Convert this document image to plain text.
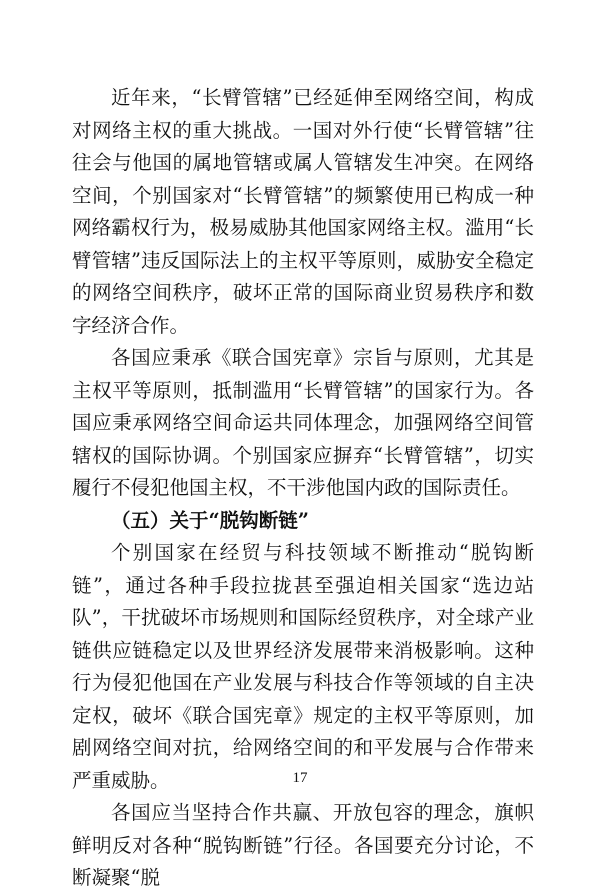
近年来，“长臂管辖”已经延伸至网络空间，构成对网络主权的重大挑战。一国对外行使“长臂管辖”往往会与他国的属地管辖或属人管辖发生冲突。在网络空间，个别国家对“长臂管辖”的频繁使用已构成一种网络霸权行为，极易威胁其他国家网络主权。滥用“长臂管辖”违反国际法上的主权平等原则，威胁安全稳定的网络空间秩序，破坏正常的国际商业贸易秩序和数字经济合作。

各国应秉承《联合国宪章》宗旨与原则，尤其是主权平等原则，抵制滥用“长臂管辖”的国家行为。各国应秉承网络空间命运共同体理念，加强网络空间管辖权的国际协调。个别国家应摒弃“长臂管辖”，切实履行不侵犯他国主权，不干涉他国内政的国际责任。

（五）关于“脱钩断链”

个别国家在经贸与科技领域不断推动“脱钩断链”，通过各种手段拉拢甚至强迫相关国家“选边站队”，干扰破坏市场规则和国际经贸秩序，对全球产业链供应链稳定以及世界经济发展带来消极影响。这种行为侵犯他国在产业发展与科技合作等领域的自主决定权，破坏《联合国宪章》规定的主权平等原则，加剧网络空间对抗，给网络空间的和平发展与合作带来严重威胁。

各国应当坚持合作共赢、开放包容的理念，旗帜鲜明反对各种“脱钩断链”行径。各国要充分讨论，不断凝聚“脱

17
